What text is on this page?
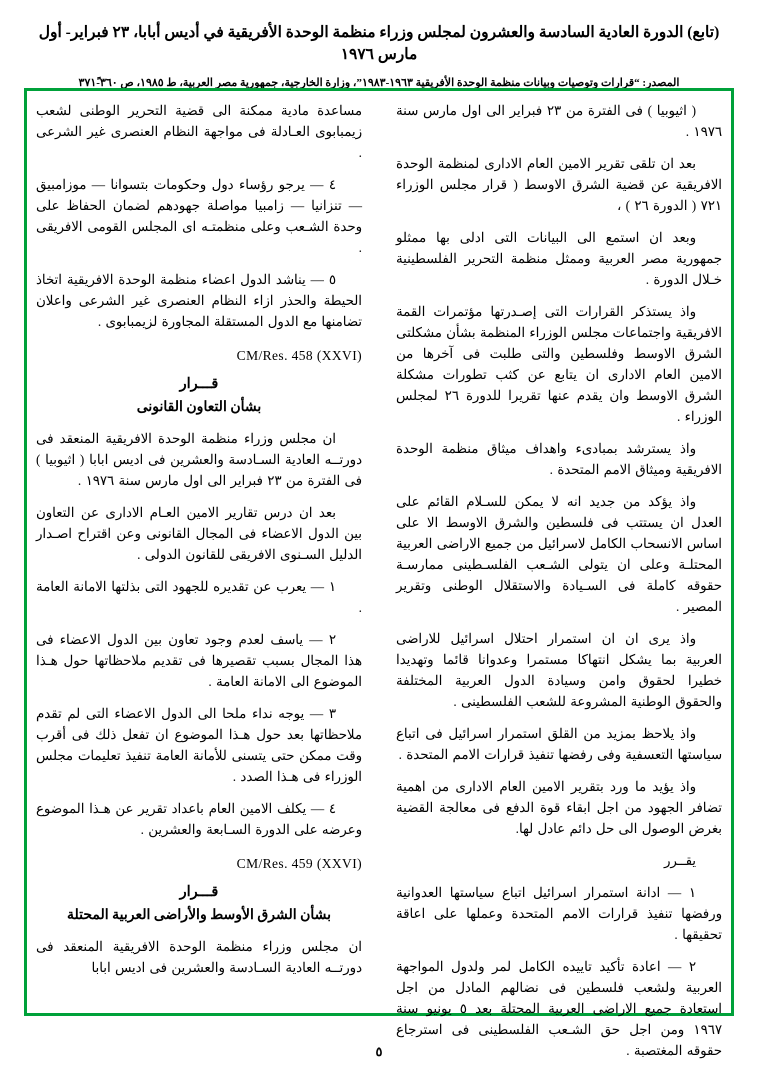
(تابع) الدورة العادية السادسة والعشرون لمجلس وزراء منظمة الوحدة الأفريقية في أديس أبابا، ٢٣ فبراير- أول مارس ١٩٧٦
المصدر: “قرارات وتوصيات وبيانات منظمة الوحدة الأفريقية ١٩٦٣-١٩٨٣”، وزارة الخارجية، جمهورية مصر العربية، ط ١٩٨٥، ص ٣٦٠-٣٧١ً

( اثيوبيا ) فى الفترة من ٢٣ فبراير الى اول مارس سنة ١٩٧٦ .

بعد ان تلقى تقرير الامين العام الادارى لمنظمة الوحدة الافريقية عن قضية الشرق الاوسط ( قرار مجلس الوزراء ٧٢١ ( الدورة ٢٦ ) ،

وبعد ان استمع الى البيانات التى ادلى بها ممثلو جمهورية مصر العربية وممثل منظمة التحرير الفلسطينية خـلال الدورة .

واذ يستذكر القرارات التى إصـدرتها مؤتمرات القمة الافريقية واجتماعات مجلس الوزراء المنظمة بشأن مشكلتى الشرق الاوسط وفلسطين والتى طلبت فى آخرها من الامين العام الادارى ان يتابع عن كثب تطورات مشكلة الشرق الاوسط وان يقدم عنها تقريرا للدورة ٢٦ لمجلس الوزراء .

واذ يسترشد بمبادىء واهداف ميثاق منظمة الوحدة الافريقية وميثاق الامم المتحدة .

واذ يؤكد من جديد انه لا يمكن للسـلام القائم على العدل ان يستتب فى فلسطين والشرق الاوسط الا على اساس الانسحاب الكامل لاسرائيل من جميع الاراضى العربية المحتلـة وعلى ان يتولى الشـعب الفلسـطينى ممارسـة حقوقه كاملة فى السـيادة والاستقلال الوطنى وتقرير المصير .

واذ يرى ان ان استمرار احتلال اسرائيل للاراضى العربية بما يشكل انتهاكا مستمرا وعدوانا قائما وتهديدا خطيرا لحقوق وامن وسيادة الدول العربية المختلفة والحقوق الوطنية المشروعة للشعب الفلسطينى .

واذ يلاحظ بمزيد من القلق استمرار اسرائيل فى اتباع سياستها التعسفية وفى رفضها تنفيذ قرارات الامم المتحدة .

واذ يؤيد ما ورد بتقرير الامين العام الادارى من اهمية تضافر الجهود من اجل ابقاء قوة الدفع فى معالجة القضية بغرض الوصول الى حل دائم عادل لها.

يقــرر

١ — ادانة استمرار اسرائيل اتباع سياستها العدوانية ورفضها تنفيذ قرارات الامم المتحدة وعملها على اعاقة تحقيقها .

٢ — اعادة تأكيد تاييده الكامل لمر ولدول المواجهة العربية ولشعب فلسطين فى نضالهم المادل من اجل استعادة جميع الاراضى العربية المحتلة بعد ٥ يونيو سنة ١٩٦٧ ومن اجل حق الشـعب الفلسطينى فى استرجاع حقوقه المغتصبة .

مساعدة مادية ممكنة الى قضية التحرير الوطنى لشعب زيمبابوى العـادلة فى مواجهة النظام العنصرى غير الشرعى .

٤ — يرجو رؤساء دول وحكومات بتسوانا — موزامبيق — تنزانيا — زامبيا مواصلة جهودهم لضمان الحفاظ على وحدة الشـعب وعلى منظمتـه اى المجلس القومى الافريقى .

٥ — يناشد الدول اعضاء منظمة الوحدة الافريقية اتخاذ الحيطة والحذر ازاء النظام العنصرى غير الشرعى واعلان تضامنها مع الدول المستقلة المجاورة لزيمبابوى .

CM/Res. 458 (XXVI)
قـــرار
بشأن التعاون القانونى

ان مجلس وزراء منظمة الوحدة الافريقية المنعقد فى دورتــه العادية السـادسة والعشرين فى اديس ابابا ( اثيوبيا ) فى الفترة من ٢٣ فبراير الى اول مارس سنة ١٩٧٦ .

بعد ان درس تقارير الامين العـام الادارى عن التعاون بين الدول الاعضاء فى المجال القانونى وعن اقتراح اصـدار الدليل السـنوى الافريقى للقانون الدولى .

١ — يعرب عن تقديره للجهود التى بذلتها الامانة العامة .

٢ — ياسف لعدم وجود تعاون بين الدول الاعضاء فى هذا المجال بسبب تقصيرها فى تقديم ملاحظاتها حول هـذا الموضوع الى الامانة العامة .

٣ — يوجه نداء ملحا الى الدول الاعضاء التى لم تقدم ملاحظاتها بعد حول هـذا الموضوع ان تفعل ذلك فى أقرب وقت ممكن حتى يتسنى للأمانة العامة تنفيذ تعليمات مجلس الوزراء فى هـذا الصدد .

٤ — يكلف الامين العام باعداد تقرير عن هـذا الموضوع وعرضه على الدورة السـابعة والعشرين .

CM/Res. 459 (XXVI)
قـــرار
بشأن الشرق الأوسط والأراضى العربية المحتلة

ان مجلس وزراء منظمة الوحدة الافريقية المنعقد فى دورتــه العادية السـادسة والعشرين فى اديس ابابا

٥
